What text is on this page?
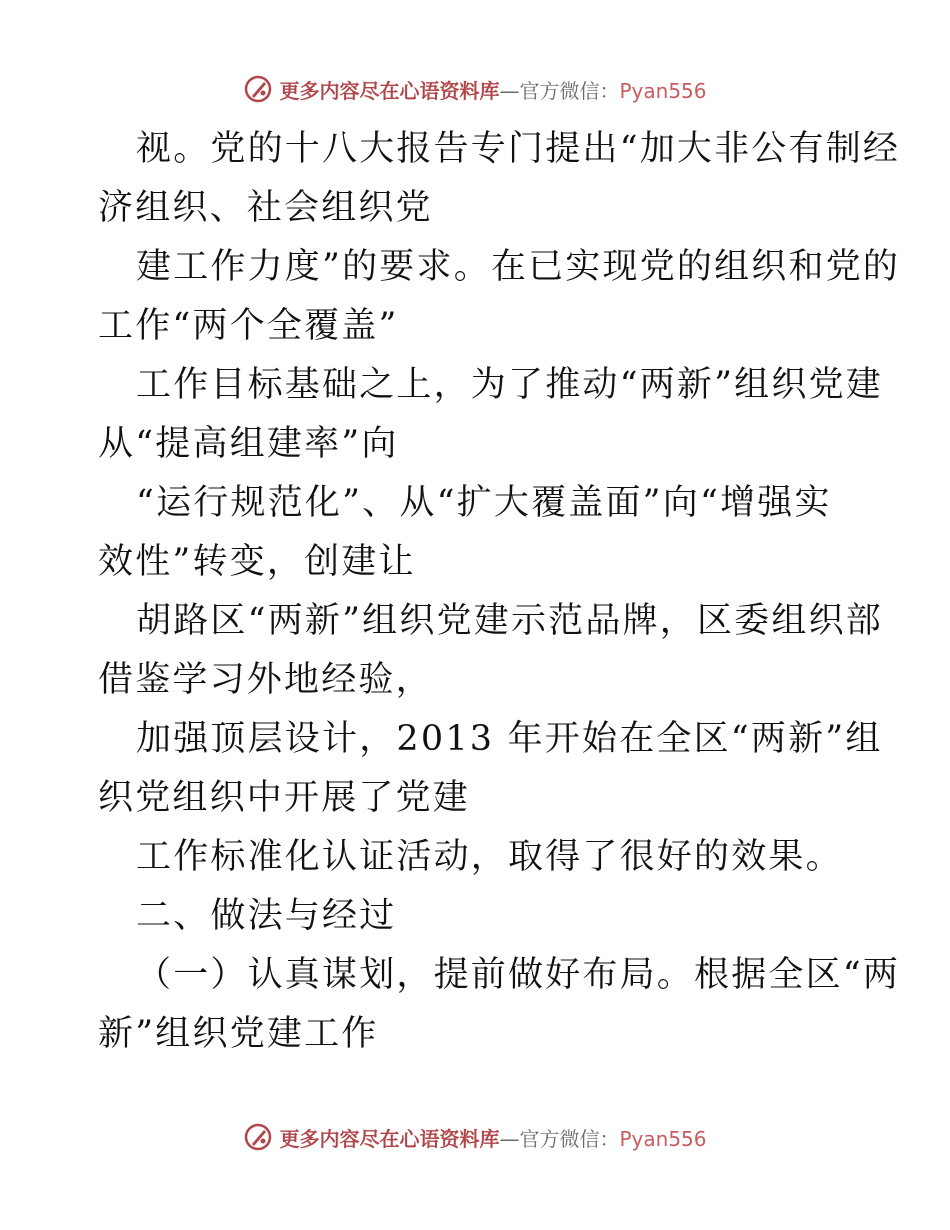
更多内容尽在心语资料库—官方微信：Pyan556
视。党的十八大报告专门提出“加大非公有制经
济组织、社会组织党
建工作力度”的要求。在已实现党的组织和党的
工作“两个全覆盖”
工作目标基础之上，为了推动“两新”组织党建
从“提高组建率”向
“运行规范化”、从“扩大覆盖面”向“增强实
效性”转变，创建让
胡路区“两新”组织党建示范品牌，区委组织部
借鉴学习外地经验，
加强顶层设计，2013 年开始在全区“两新”组
织党组织中开展了党建
工作标准化认证活动，取得了很好的效果。
二、做法与经过
（一）认真谋划，提前做好布局。根据全区“两
新”组织党建工作
更多内容尽在心语资料库—官方微信：Pyan556
